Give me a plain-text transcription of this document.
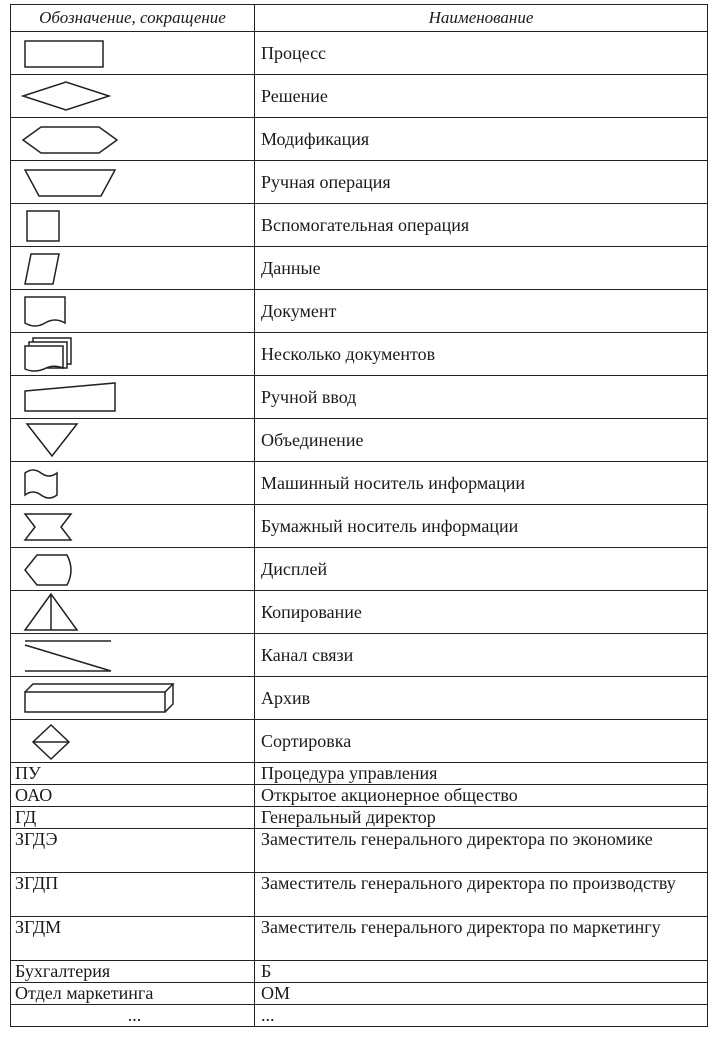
Обозначение, сокращение	Наименование

	Процесс

	Решение

	Модификация

	Ручная операция

	Вспомогательная операция

	Данные

	Документ

	Несколько документов

	Ручной ввод

	Объединение

	Машинный носитель информации

	Бумажный носитель информации

	Дисплей

	Копирование

	Канал связи

	Архив

	Сортировка
ПУ	Процедура управления
ОАО	Открытое акционерное общество
ГД	Генеральный директор
ЗГДЭ	Заместитель генерального директора по экономике
ЗГДП	Заместитель генерального директора по производству
ЗГДМ	Заместитель генерального директора по маркетингу
Бухгалтерия	Б
Отдел маркетинга	ОМ
...	...
